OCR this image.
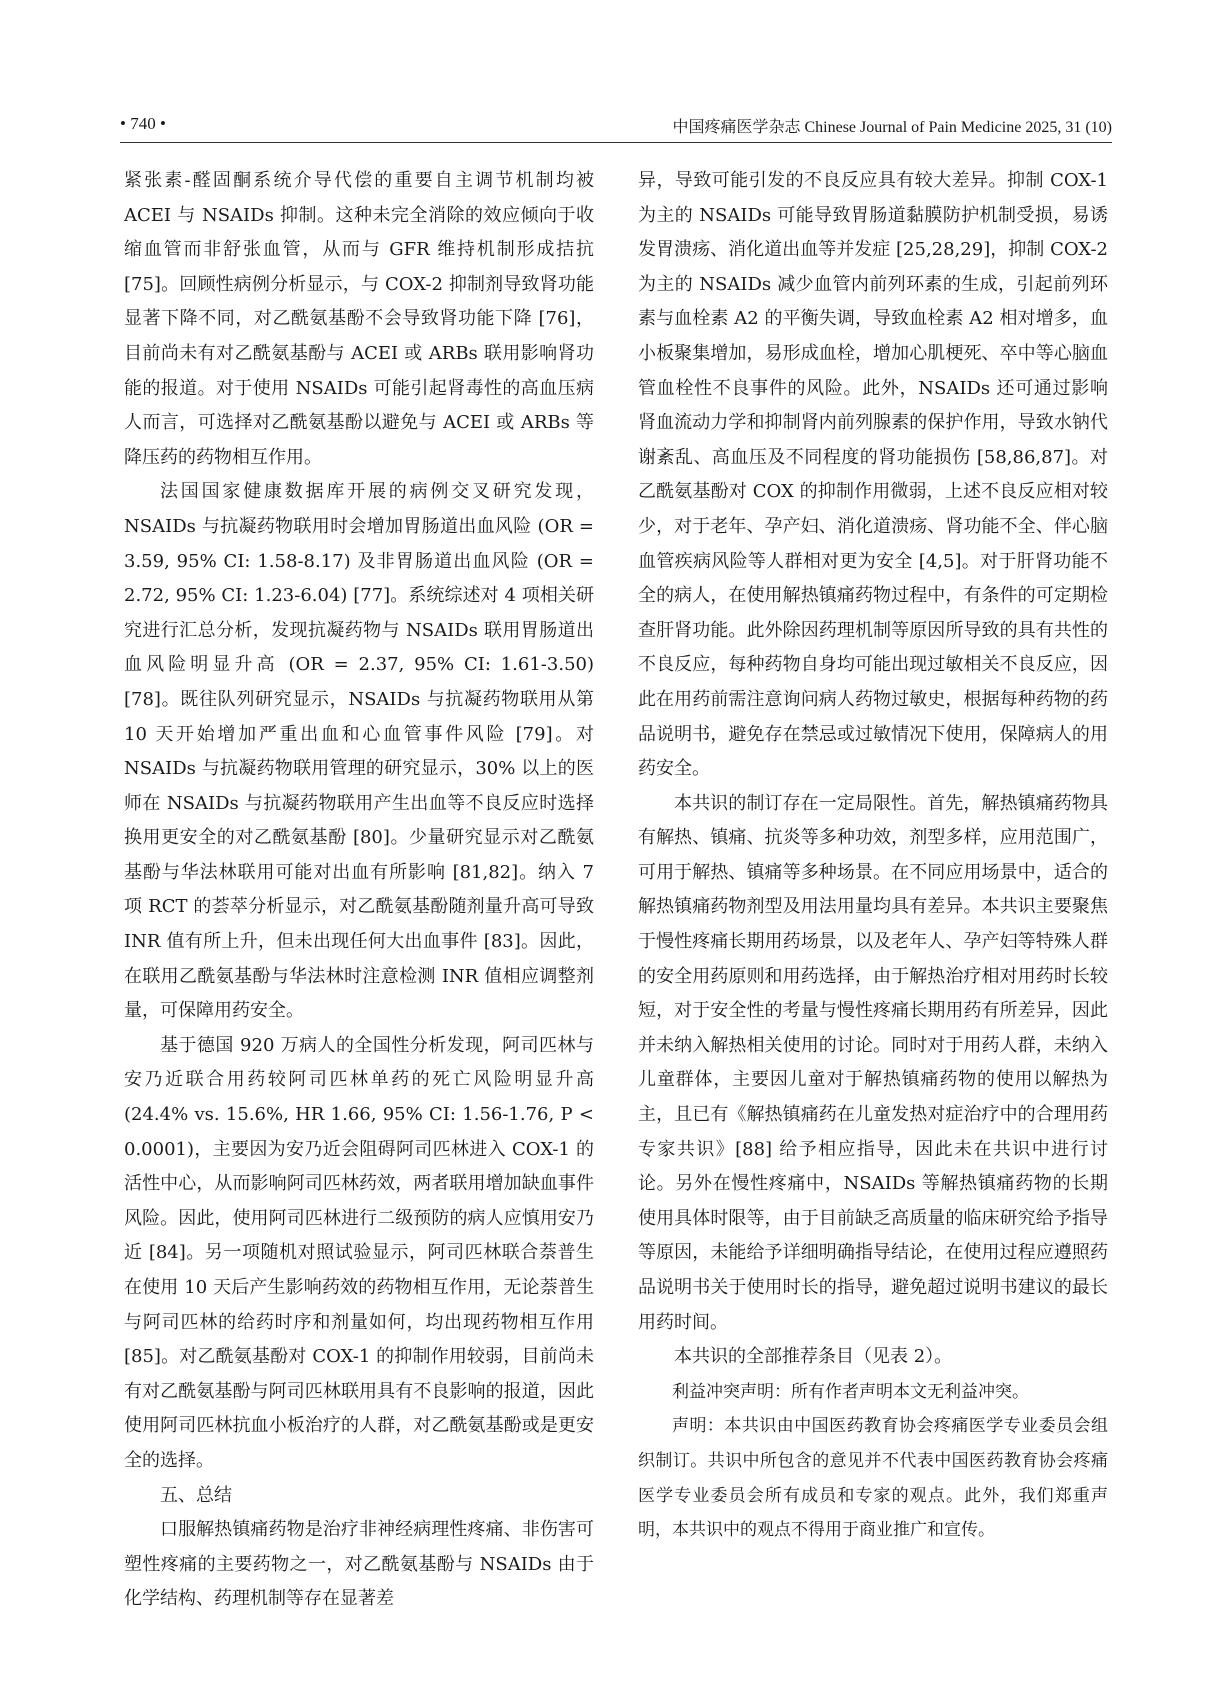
• 740 •	中国疼痛医学杂志 Chinese Journal of Pain Medicine 2025, 31 (10)

紧张素-醛固酮系统介导代偿的重要自主调节机制均被 ACEI 与 NSAIDs 抑制。这种未完全消除的效应倾向于收缩血管而非舒张血管，从而与 GFR 维持机制形成拮抗 [75]。回顾性病例分析显示，与 COX-2 抑制剂导致肾功能显著下降不同，对乙酰氨基酚不会导致肾功能下降 [76]，目前尚未有对乙酰氨基酚与 ACEI 或 ARBs 联用影响肾功能的报道。对于使用 NSAIDs 可能引起肾毒性的高血压病人而言，可选择对乙酰氨基酚以避免与 ACEI 或 ARBs 等降压药的药物相互作用。

法国国家健康数据库开展的病例交叉研究发现，NSAIDs 与抗凝药物联用时会增加胃肠道出血风险 (OR = 3.59, 95% CI: 1.58-8.17) 及非胃肠道出血风险 (OR = 2.72, 95% CI: 1.23-6.04) [77]。系统综述对 4 项相关研究进行汇总分析，发现抗凝药物与 NSAIDs 联用胃肠道出血风险明显升高 (OR = 2.37, 95% CI: 1.61-3.50) [78]。既往队列研究显示，NSAIDs 与抗凝药物联用从第 10 天开始增加严重出血和心血管事件风险 [79]。对 NSAIDs 与抗凝药物联用管理的研究显示，30% 以上的医师在 NSAIDs 与抗凝药物联用产生出血等不良反应时选择换用更安全的对乙酰氨基酚 [80]。少量研究显示对乙酰氨基酚与华法林联用可能对出血有所影响 [81,82]。纳入 7 项 RCT 的荟萃分析显示，对乙酰氨基酚随剂量升高可导致 INR 值有所上升，但未出现任何大出血事件 [83]。因此，在联用乙酰氨基酚与华法林时注意检测 INR 值相应调整剂量，可保障用药安全。

基于德国 920 万病人的全国性分析发现，阿司匹林与安乃近联合用药较阿司匹林单药的死亡风险明显升高 (24.4% vs. 15.6%, HR 1.66, 95% CI: 1.56-1.76, P < 0.0001)，主要因为安乃近会阻碍阿司匹林进入 COX-1 的活性中心，从而影响阿司匹林药效，两者联用增加缺血事件风险。因此，使用阿司匹林进行二级预防的病人应慎用安乃近 [84]。另一项随机对照试验显示，阿司匹林联合萘普生在使用 10 天后产生影响药效的药物相互作用，无论萘普生与阿司匹林的给药时序和剂量如何，均出现药物相互作用 [85]。对乙酰氨基酚对 COX-1 的抑制作用较弱，目前尚未有对乙酰氨基酚与阿司匹林联用具有不良影响的报道，因此使用阿司匹林抗血小板治疗的人群，对乙酰氨基酚或是更安全的选择。

五、总结

口服解热镇痛药物是治疗非神经病理性疼痛、非伤害可塑性疼痛的主要药物之一，对乙酰氨基酚与 NSAIDs 由于化学结构、药理机制等存在显著差

异，导致可能引发的不良反应具有较大差异。抑制 COX-1 为主的 NSAIDs 可能导致胃肠道黏膜防护机制受损，易诱发胃溃疡、消化道出血等并发症 [25,28,29]，抑制 COX-2 为主的 NSAIDs 减少血管内前列环素的生成，引起前列环素与血栓素 A2 的平衡失调，导致血栓素 A2 相对增多，血小板聚集增加，易形成血栓，增加心肌梗死、卒中等心脑血管血栓性不良事件的风险。此外，NSAIDs 还可通过影响肾血流动力学和抑制肾内前列腺素的保护作用，导致水钠代谢紊乱、高血压及不同程度的肾功能损伤 [58,86,87]。对乙酰氨基酚对 COX 的抑制作用微弱，上述不良反应相对较少，对于老年、孕产妇、消化道溃疡、肾功能不全、伴心脑血管疾病风险等人群相对更为安全 [4,5]。对于肝肾功能不全的病人，在使用解热镇痛药物过程中，有条件的可定期检查肝肾功能。此外除因药理机制等原因所导致的具有共性的不良反应，每种药物自身均可能出现过敏相关不良反应，因此在用药前需注意询问病人药物过敏史，根据每种药物的药品说明书，避免存在禁忌或过敏情况下使用，保障病人的用药安全。

本共识的制订存在一定局限性。首先，解热镇痛药物具有解热、镇痛、抗炎等多种功效，剂型多样，应用范围广，可用于解热、镇痛等多种场景。在不同应用场景中，适合的解热镇痛药物剂型及用法用量均具有差异。本共识主要聚焦于慢性疼痛长期用药场景，以及老年人、孕产妇等特殊人群的安全用药原则和用药选择，由于解热治疗相对用药时长较短，对于安全性的考量与慢性疼痛长期用药有所差异，因此并未纳入解热相关使用的讨论。同时对于用药人群，未纳入儿童群体，主要因儿童对于解热镇痛药物的使用以解热为主，且已有《解热镇痛药在儿童发热对症治疗中的合理用药专家共识》[88] 给予相应指导，因此未在共识中进行讨论。另外在慢性疼痛中，NSAIDs 等解热镇痛药物的长期使用具体时限等，由于目前缺乏高质量的临床研究给予指导等原因，未能给予详细明确指导结论，在使用过程应遵照药品说明书关于使用时长的指导，避免超过说明书建议的最长用药时间。

本共识的全部推荐条目（见表 2）。

利益冲突声明：所有作者声明本文无利益冲突。

声明：本共识由中国医药教育协会疼痛医学专业委员会组织制订。共识中所包含的意见并不代表中国医药教育协会疼痛医学专业委员会所有成员和专家的观点。此外，我们郑重声明，本共识中的观点不得用于商业推广和宣传。
